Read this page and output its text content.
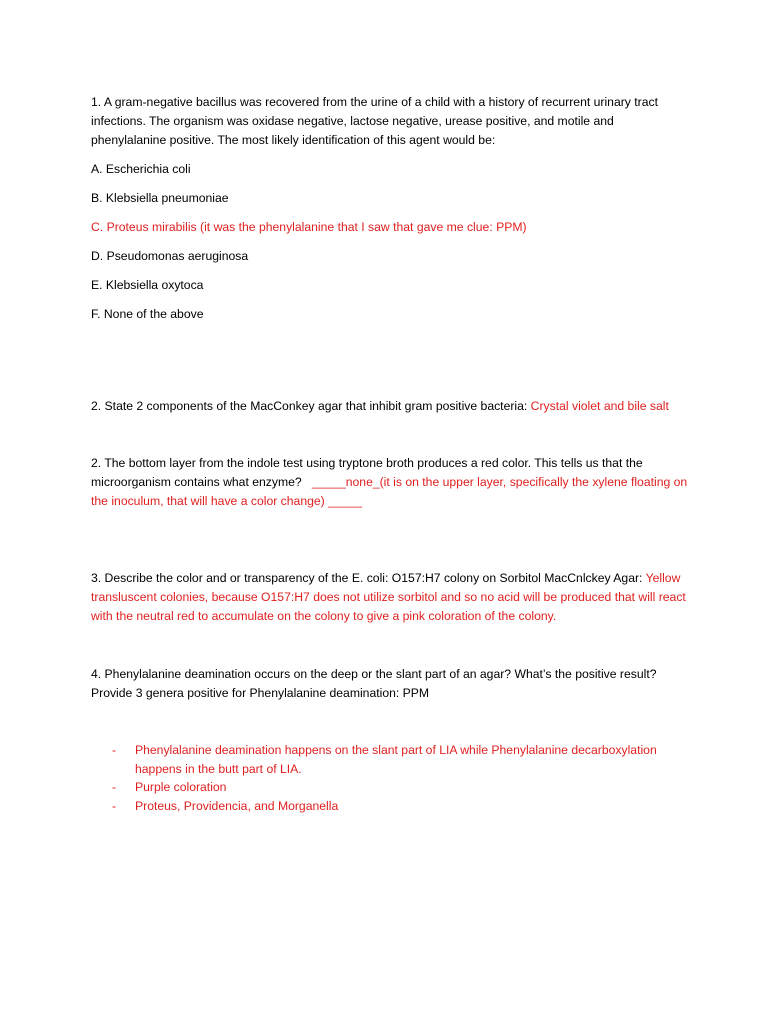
1. A gram-negative bacillus was recovered from the urine of a child with a history of recurrent urinary tract infections. The organism was oxidase negative, lactose negative, urease positive, and motile and phenylalanine positive. The most likely identification of this agent would be:

A. Escherichia coli

B. Klebsiella pneumoniae

C. Proteus mirabilis (it was the phenylalanine that I saw that gave me clue: PPM)

D. Pseudomonas aeruginosa

E. Klebsiella oxytoca

F. None of the above

2. State 2 components of the MacConkey agar that inhibit gram positive bacteria: Crystal violet and bile salt

2. The bottom layer from the indole test using tryptone broth produces a red color. This tells us that the microorganism contains what enzyme? _____none_(it is on the upper layer, specifically the xylene floating on the inoculum, that will have a color change) _____

3. Describe the color and or transparency of the E. coli: O157:H7 colony on Sorbitol MacCnlckey Agar: Yellow transluscent colonies, because O157:H7 does not utilize sorbitol and so no acid will be produced that will react with the neutral red to accumulate on the colony to give a pink coloration of the colony.

4. Phenylalanine deamination occurs on the deep or the slant part of an agar? What’s the positive result? Provide 3 genera positive for Phenylalanine deamination: PPM

- Phenylalanine deamination happens on the slant part of LIA while Phenylalanine decarboxylation happens in the butt part of LIA.
- Purple coloration
- Proteus, Providencia, and Morganella
